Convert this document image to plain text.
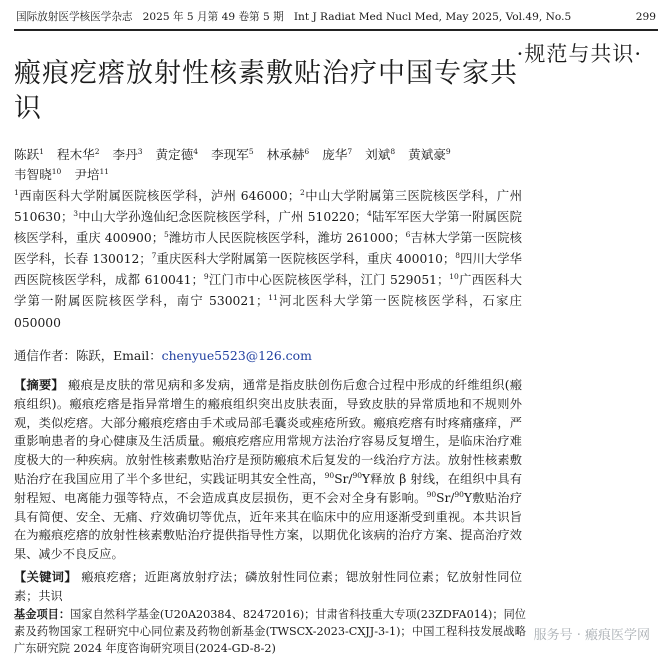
国际放射医学核医学杂志 2025 年 5 月第 49 卷第 5 期 Int J Radiat Med Nucl Med, May 2025, Vol.49, No.5	299
·规范与共识·
瘢痕疙瘩放射性核素敷贴治疗中国专家共识
陈跃$^1$ 程木华$^2$ 李丹$^3$ 黄定德$^4$ 李现军$^5$ 林承赫$^6$ 庞华$^7$ 刘斌$^8$ 黄斌豪$^9$
韦智晓$^{10}$ 尹培$^{11}$

$^1$西南医科大学附属医院核医学科，泸州 646000；$^2$中山大学附属第三医院核医学科，广州 510630；$^3$中山大学孙逸仙纪念医院核医学科，广州 510220；$^4$陆军军医大学第一附属医院核医学科，重庆 400900；$^5$潍坊市人民医院核医学科，潍坊 261000；$^6$吉林大学第一医院核医学科，长春 130012；$^7$重庆医科大学附属第一医院核医学科，重庆 400010；$^8$四川大学华西医院核医学科，成都 610041；$^9$江门市中心医院核医学科，江门 529051；$^{10}$广西医科大学第一附属医院核医学科，南宁 530021；$^{11}$河北医科大学第一医院核医学科，石家庄 050000

通信作者：陈跃，Email：chenyue5523@126.com

【摘要】 瘢痕是皮肤的常见病和多发病，通常是指皮肤创伤后愈合过程中形成的纤维组织(瘢痕组织)。瘢痕疙瘩是指异常增生的瘢痕组织突出皮肤表面，导致皮肤的异常质地和不规则外观，类似疙瘩。大部分瘢痕疙瘩由手术或局部毛囊炎或痤疮所致。瘢痕疙瘩有时疼痛瘙痒，严重影响患者的身心健康及生活质量。瘢痕疙瘩应用常规方法治疗容易反复增生，是临床治疗难度极大的一种疾病。放射性核素敷贴治疗是预防瘢痕术后复发的一线治疗方法。放射性核素敷贴治疗在我国应用了半个多世纪，实践证明其安全性高，$^{90}$Sr/$^{90}$Y释放 β 射线，在组织中具有射程短、电离能力强等特点，不会造成真皮层损伤，更不会对全身有影响。$^{90}$Sr/$^{90}$Y敷贴治疗具有简便、安全、无痛、疗效确切等优点，近年来其在临床中的应用逐渐受到重视。本共识旨在为瘢痕疙瘩的放射性核素敷贴治疗提供指导性方案，以期优化该病的治疗方案、提高治疗效果、减少不良反应。

【关键词】 瘢痕疙瘩；近距离放射疗法；磷放射性同位素；锶放射性同位素；钇放射性同位素；共识

基金项目：国家自然科学基金(U20A20384、82472016)；甘肃省科技重大专项(23ZDFA014)；同位素及药物国家工程研究中心同位素及药物创新基金(TWSCX-2023-CXJJ-3-1)；中国工程科技发展战略广东研究院 2024 年度咨询研究项目(2024-GD-8-2)

服务号 · 瘢痕医学网
